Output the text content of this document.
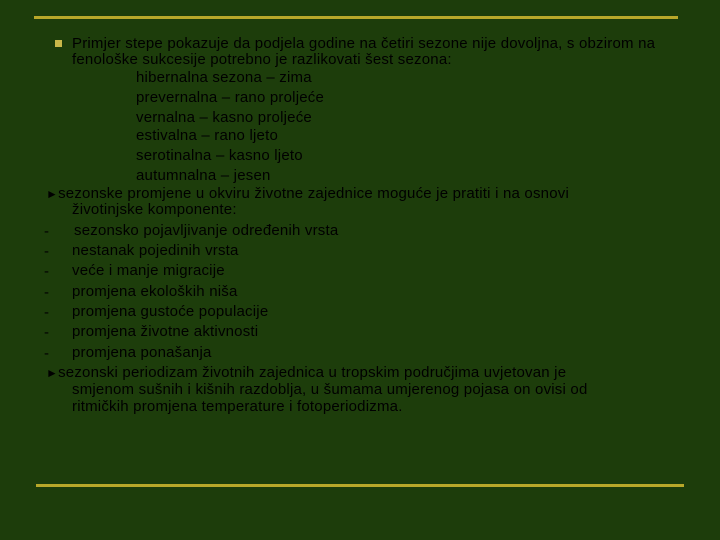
Primjer stepe pokazuje da podjela godine na četiri sezone nije dovoljna, s obzirom na
fenološke sukcesije potrebno je razlikovati šest sezona:
hibernalna sezona – zima
prevernalna – rano proljeće
vernalna – kasno proljeće
estivalna – rano ljeto
serotinalna – kasno ljeto
autumnalna – jesen
►sezonske promjene u okviru životne zajednice moguće je pratiti i na osnovi
životinjske komponente:
- sezonsko pojavljivanje određenih vrsta
- nestanak pojedinih vrsta
- veće i manje migracije
- promjena ekoloških niša
- promjena gustoće populacije
- promjena životne aktivnosti
- promjena ponašanja
►sezonski periodizam životnih zajednica u tropskim područjima uvjetovan je
smjenom sušnih i kišnih razdoblja, u šumama umjerenog pojasa on ovisi od
ritmičkih promjena temperature i fotoperiodizma.
